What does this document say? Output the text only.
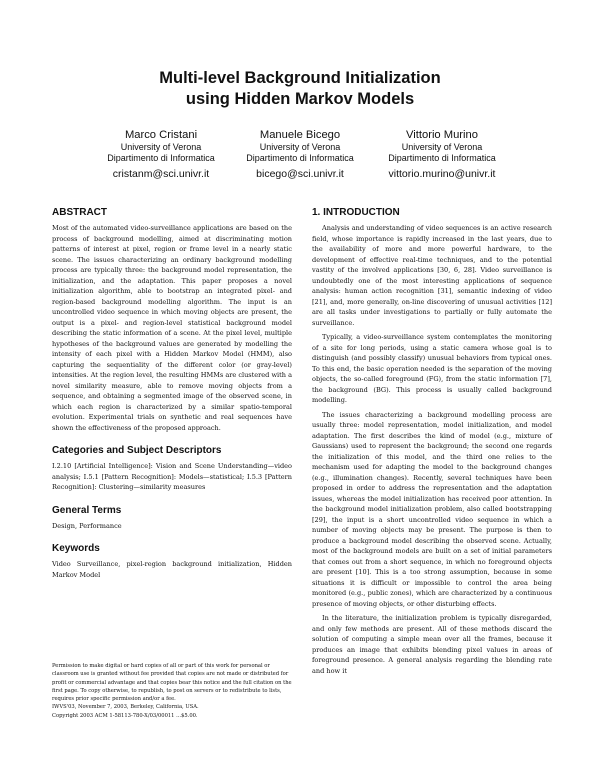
Multi-level Background Initialization
using Hidden Markov Models
Marco Cristani
University of Verona
Dipartimento di Informatica
cristanm@sci.univr.it
Manuele Bicego
University of Verona
Dipartimento di Informatica
bicego@sci.univr.it
Vittorio Murino
University of Verona
Dipartimento di Informatica
vittorio.murino@univr.it
ABSTRACT

Most of the automated video-surveillance applications are based on the process of background modelling, aimed at discriminating motion patterns of interest at pixel, region or frame level in a nearly static scene. The issues characterizing an ordinary background modelling process are typically three: the background model representation, the initialization, and the adaptation. This paper proposes a novel initialization algorithm, able to bootstrap an integrated pixel- and region-based background modelling algorithm. The input is an uncontrolled video sequence in which moving objects are present, the output is a pixel- and region-level statistical background model describing the static information of a scene. At the pixel level, multiple hypotheses of the background values are generated by modelling the intensity of each pixel with a Hidden Markov Model (HMM), also capturing the sequentiality of the different color (or gray-level) intensities. At the region level, the resulting HMMs are clustered with a novel similarity measure, able to remove moving objects from a sequence, and obtaining a segmented image of the observed scene, in which each region is characterized by a similar spatio-temporal evolution. Experimental trials on synthetic and real sequences have shown the effectiveness of the proposed approach.

Categories and Subject Descriptors

I.2.10 [Artificial Intelligence]: Vision and Scene Understanding—video analysis; I.5.1 [Pattern Recognition]: Models—statistical; I.5.3 [Pattern Recognition]: Clustering—similarity measures

General Terms

Design, Performance

Keywords

Video Surveillance, pixel-region background initialization, Hidden Markov Model

Permission to make digital or hard copies of all or part of this work for personal or classroom use is granted without fee provided that copies are not made or distributed for profit or commercial advantage and that copies bear this notice and the full citation on the first page. To copy otherwise, to republish, to post on servers or to redistribute to lists, requires prior specific permission and/or a fee.

IWVS'03, November 7, 2003, Berkeley, California, USA.

Copyright 2003 ACM 1-58113-780-X/03/00011 ...$5.00.

1. INTRODUCTION

Analysis and understanding of video sequences is an active research field, whose importance is rapidly increased in the last years, due to the availability of more and more powerful hardware, to the development of effective real-time techniques, and to the potential vastity of the involved applications [30, 6, 28]. Video surveillance is undoubtedly one of the most interesting applications of sequence analysis: human action recognition [31], semantic indexing of video [21], and, more generally, on-line discovering of unusual activities [12] are all tasks under investigations to partially or fully automate the surveillance.

Typically, a video-surveillance system contemplates the monitoring of a site for long periods, using a static camera whose goal is to distinguish (and possibly classify) unusual behaviors from typical ones. To this end, the basic operation needed is the separation of the moving objects, the so-called foreground (FG), from the static information [7], the background (BG). This process is usually called background modelling.

The issues characterizing a background modelling process are usually three: model representation, model initialization, and model adaptation. The first describes the kind of model (e.g., mixture of Gaussians) used to represent the background; the second one regards the initialization of this model, and the third one relies to the mechanism used for adapting the model to the background changes (e.g., illumination changes). Recently, several techniques have been proposed in order to address the representation and the adaptation issues, whereas the model initialization has received poor attention. In the background model initialization problem, also called bootstrapping [29], the input is a short uncontrolled video sequence in which a number of moving objects may be present. The purpose is then to produce a background model describing the observed scene. Actually, most of the background models are built on a set of initial parameters that comes out from a short sequence, in which no foreground objects are present [10]. This is a too strong assumption, because in some situations it is difficult or impossible to control the area being monitored (e.g., public zones), which are characterized by a continuous presence of moving objects, or other disturbing effects.

In the literature, the initialization problem is typically disregarded, and only few methods are present. All of these methods discard the solution of computing a simple mean over all the frames, because it produces an image that exhibits blending pixel values in areas of foreground presence. A general analysis regarding the blending rate and how it
